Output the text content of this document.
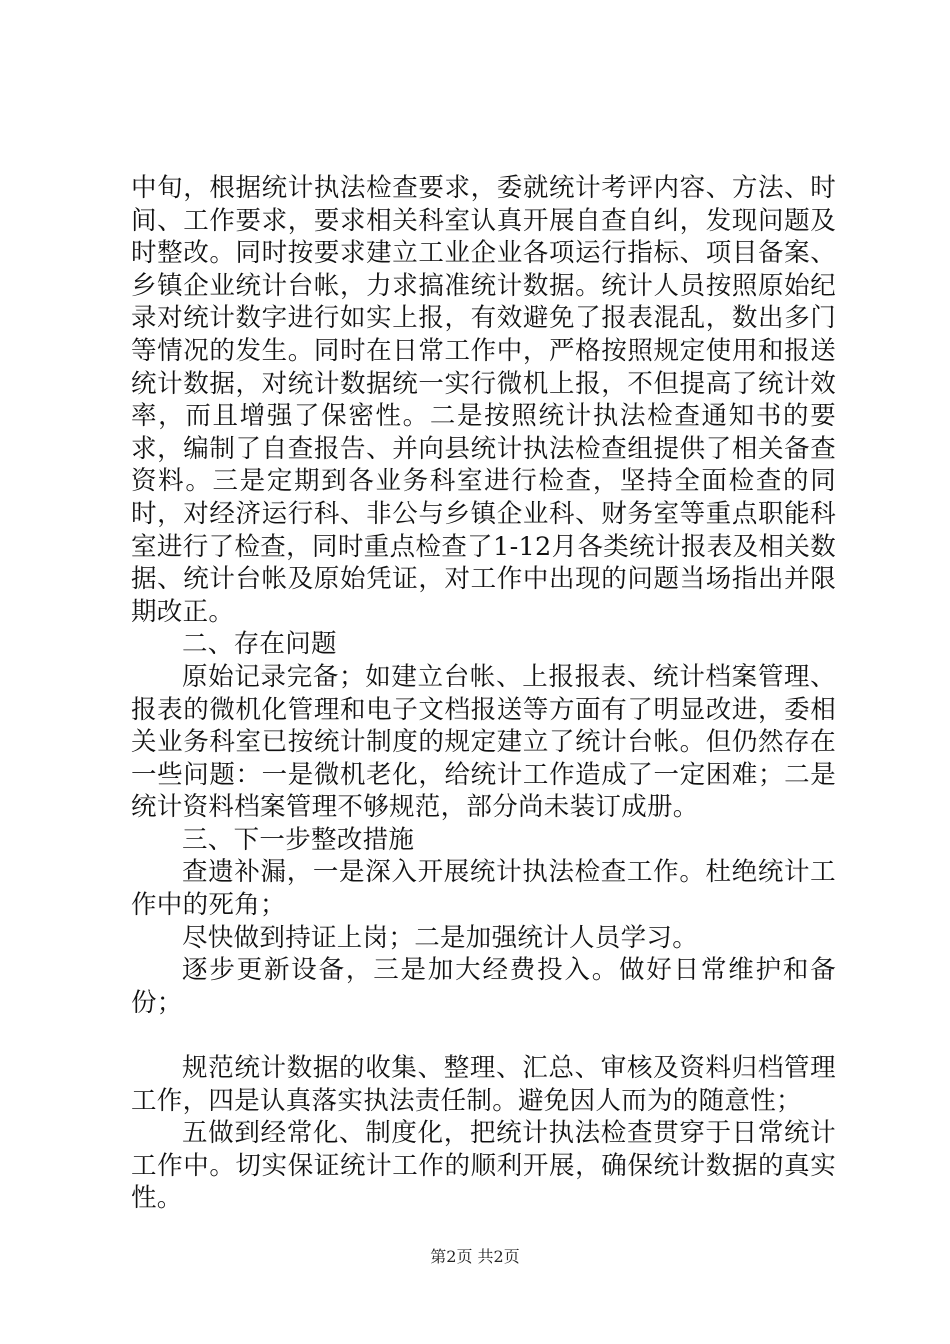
中旬，根据统计执法检查要求，委就统计考评内容、方法、时间、工作要求，要求相关科室认真开展自查自纠，发现问题及时整改。同时按要求建立工业企业各项运行指标、项目备案、乡镇企业统计台帐，力求搞准统计数据。统计人员按照原始纪录对统计数字进行如实上报，有效避免了报表混乱，数出多门等情况的发生。同时在日常工作中，严格按照规定使用和报送统计数据，对统计数据统一实行微机上报，不但提高了统计效率，而且增强了保密性。二是按照统计执法检查通知书的要求，编制了自查报告、并向县统计执法检查组提供了相关备查资料。三是定期到各业务科室进行检查，坚持全面检查的同时，对经济运行科、非公与乡镇企业科、财务室等重点职能科室进行了检查，同时重点检查了1-12月各类统计报表及相关数据、统计台帐及原始凭证，对工作中出现的问题当场指出并限期改正。

二、存在问题

原始记录完备；如建立台帐、上报报表、统计档案管理、报表的微机化管理和电子文档报送等方面有了明显改进，委相关业务科室已按统计制度的规定建立了统计台帐。但仍然存在一些问题：一是微机老化，给统计工作造成了一定困难；二是统计资料档案管理不够规范，部分尚未装订成册。

三、下一步整改措施

查遗补漏，一是深入开展统计执法检查工作。杜绝统计工作中的死角；

尽快做到持证上岗；二是加强统计人员学习。

逐步更新设备，三是加大经费投入。做好日常维护和备份；

规范统计数据的收集、整理、汇总、审核及资料归档管理工作，四是认真落实执法责任制。避免因人而为的随意性；

五做到经常化、制度化，把统计执法检查贯穿于日常统计工作中。切实保证统计工作的顺利开展，确保统计数据的真实性。

第2页 共2页
